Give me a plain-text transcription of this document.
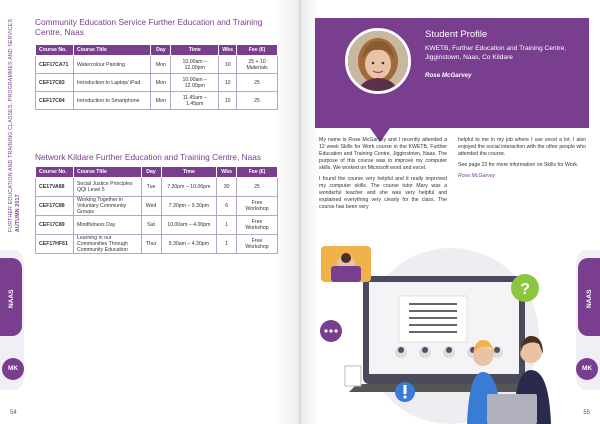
FURTHER EDUCATION AND TRAINING CLASSES, PROGRAMMES AND SERVICES AUTUMN 2017
NAAS
MK
Community Education Service Further Education and Training Centre, Naas
Course No.	Course Title	Day	Time	Wks	Fee (€)
CEF17CA71	Watercolour Painting	Mon	10.00am – 12.00pm	10	25 + 10 Materials
CEF17C83	Introduction to Laptop/ iPad	Mon	10.00am – 12.00pm	10	25
CEF17C84	Introduction to Smartphone	Mon	11.45am – 1.45pm	10	25
Network Kildare Further Education and Training Centre, Naas
Course No.	Course Title	Day	Time	Wks	Fee (€)
CE17VA88	Social Justice Principles QQI Level 5	Tue	7.30pm – 10.00pm	30	25
CEF17C88	Working Together in Voluntary Community Groups	Wed	7.30pm – 9.30pm	6	Free Workshop
CEF17C89	Mindfulness Day	Sat	10.00am – 4.00pm	1	Free Workshop
CEF17HF61	Learning in our Communities Through Community Education	Thur	9.30am – 4.30pm	1	Free Workshop
54
Student Profile
KWETB, Further Education and Training Centre, Jigginstown, Naas, Co Kildare
Rose McGarvey

My name is Rose McGarvey and I recently attended a 12 week Skills for Work course in the KWETB, Further Education and Training Centre, Jigginstown, Naas. The purpose of this course was to improve my computer skills. We worked on Microsoft word and excel.

I found the course very helpful and it really improved my computer skills. The course tutor Mary was a wonderful teacher and she was very helpful and explained everything very clearly for the class. The course has been very

helpful to me in my job where I use excel a lot. I also enjoyed the social interaction with the other people who attended the course.

See page 22 for more information on Skills for Work.

Rose McGarvey

?
NAAS
MK
55
